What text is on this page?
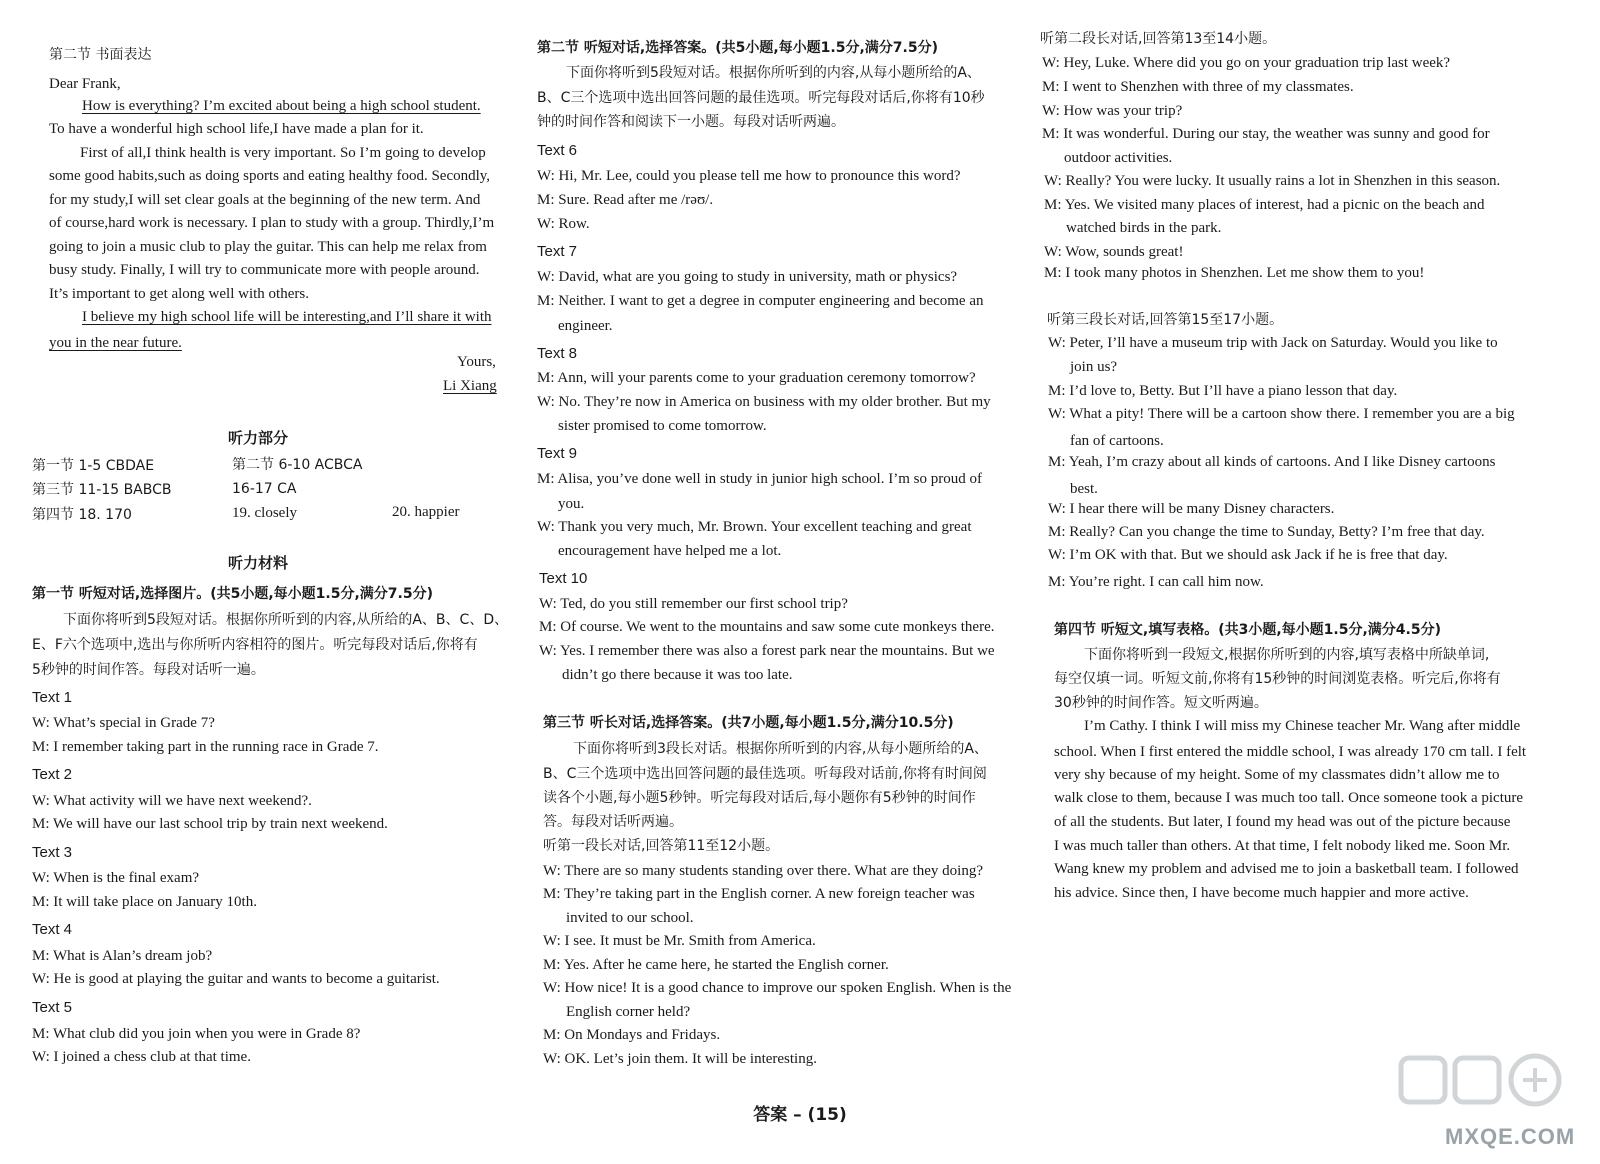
第二节 书面表达
Dear Frank,
How is everything? I’m excited about being a high school student.
To have a wonderful high school life,I have made a plan for it.
First of all,I think health is very important. So I’m going to develop
some good habits,such as doing sports and eating healthy food. Secondly,
for my study,I will set clear goals at the beginning of the new term. And
of course,hard work is necessary. I plan to study with a group. Thirdly,I’m
going to join a music club to play the guitar. This can help me relax from
busy study. Finally, I will try to communicate more with people around.
It’s important to get along well with others.
I believe my high school life will be interesting,and I’ll share it with
you in the near future.
Yours,
Li Xiang
听力部分
第一节 1-5 CBDAE	第二节 6-10 ACBCA
第三节 11-15 BABCB	16-17 CA
第四节 18. 170	19. closely	20. happier
听力材料
第一节 听短对话,选择图片。(共5小题,每小题1.5分,满分7.5分)
下面你将听到5段短对话。根据你所听到的内容,从所给的A、B、C、D、
E、F六个选项中,选出与你所听内容相符的图片。听完每段对话后,你将有
5秒钟的时间作答。每段对话听一遍。
Text 1
W: What’s special in Grade 7?
M: I remember taking part in the running race in Grade 7.
Text 2
W: What activity will we have next weekend?.
M: We will have our last school trip by train next weekend.
Text 3
W: When is the final exam?
M: It will take place on January 10th.
Text 4
M: What is Alan’s dream job?
W: He is good at playing the guitar and wants to become a guitarist.
Text 5
M: What club did you join when you were in Grade 8?
W: I joined a chess club at that time.
第二节 听短对话,选择答案。(共5小题,每小题1.5分,满分7.5分)
下面你将听到5段短对话。根据你所听到的内容,从每小题所给的A、
B、C三个选项中选出回答问题的最佳选项。听完每段对话后,你将有10秒
钟的时间作答和阅读下一小题。每段对话听两遍。
Text 6
W: Hi, Mr. Lee, could you please tell me how to pronounce this word?
M: Sure. Read after me /rəʊ/.
W: Row.
Text 7
W: David, what are you going to study in university, math or physics?
M: Neither. I want to get a degree in computer engineering and become an
engineer.
Text 8
M: Ann, will your parents come to your graduation ceremony tomorrow?
W: No. They’re now in America on business with my older brother. But my
sister promised to come tomorrow.
Text 9
M: Alisa, you’ve done well in study in junior high school. I’m so proud of
you.
W: Thank you very much, Mr. Brown. Your excellent teaching and great
encouragement have helped me a lot.
Text 10
W: Ted, do you still remember our first school trip?
M: Of course. We went to the mountains and saw some cute monkeys there.
W: Yes. I remember there was also a forest park near the mountains. But we
didn’t go there because it was too late.
第三节 听长对话,选择答案。(共7小题,每小题1.5分,满分10.5分)
下面你将听到3段长对话。根据你所听到的内容,从每小题所给的A、
B、C三个选项中选出回答问题的最佳选项。听每段对话前,你将有时间阅
读各个小题,每小题5秒钟。听完每段对话后,每小题你有5秒钟的时间作
答。每段对话听两遍。
听第一段长对话,回答第11至12小题。
W: There are so many students standing over there. What are they doing?
M: They’re taking part in the English corner. A new foreign teacher was
invited to our school.
W: I see. It must be Mr. Smith from America.
M: Yes. After he came here, he started the English corner.
W: How nice! It is a good chance to improve our spoken English. When is the
English corner held?
M: On Mondays and Fridays.
W: OK. Let’s join them. It will be interesting.
听第二段长对话,回答第13至14小题。
W: Hey, Luke. Where did you go on your graduation trip last week?
M: I went to Shenzhen with three of my classmates.
W: How was your trip?
M: It was wonderful. During our stay, the weather was sunny and good for
outdoor activities.
W: Really? You were lucky. It usually rains a lot in Shenzhen in this season.
M: Yes. We visited many places of interest, had a picnic on the beach and
watched birds in the park.
W: Wow, sounds great!
M: I took many photos in Shenzhen. Let me show them to you!
听第三段长对话,回答第15至17小题。
W: Peter, I’ll have a museum trip with Jack on Saturday. Would you like to
join us?
M: I’d love to, Betty. But I’ll have a piano lesson that day.
W: What a pity! There will be a cartoon show there. I remember you are a big
fan of cartoons.
M: Yeah, I’m crazy about all kinds of cartoons. And I like Disney cartoons
best.
W: I hear there will be many Disney characters.
M: Really? Can you change the time to Sunday, Betty? I’m free that day.
W: I’m OK with that. But we should ask Jack if he is free that day.
M: You’re right. I can call him now.
第四节 听短文,填写表格。(共3小题,每小题1.5分,满分4.5分)
下面你将听到一段短文,根据你所听到的内容,填写表格中所缺单词,
每空仅填一词。听短文前,你将有15秒钟的时间浏览表格。听完后,你将有
30秒钟的时间作答。短文听两遍。
I’m Cathy. I think I will miss my Chinese teacher Mr. Wang after middle
school. When I first entered the middle school, I was already 170 cm tall. I felt
very shy because of my height. Some of my classmates didn’t allow me to
walk close to them, because I was much too tall. Once someone took a picture
of all the students. But later, I found my head was out of the picture because
I was much taller than others. At that time, I felt nobody liked me. Soon Mr.
Wang knew my problem and advised me to join a basketball team. I followed
his advice. Since then, I have become much happier and more active.
答案 – (15)
MXQE.COM
